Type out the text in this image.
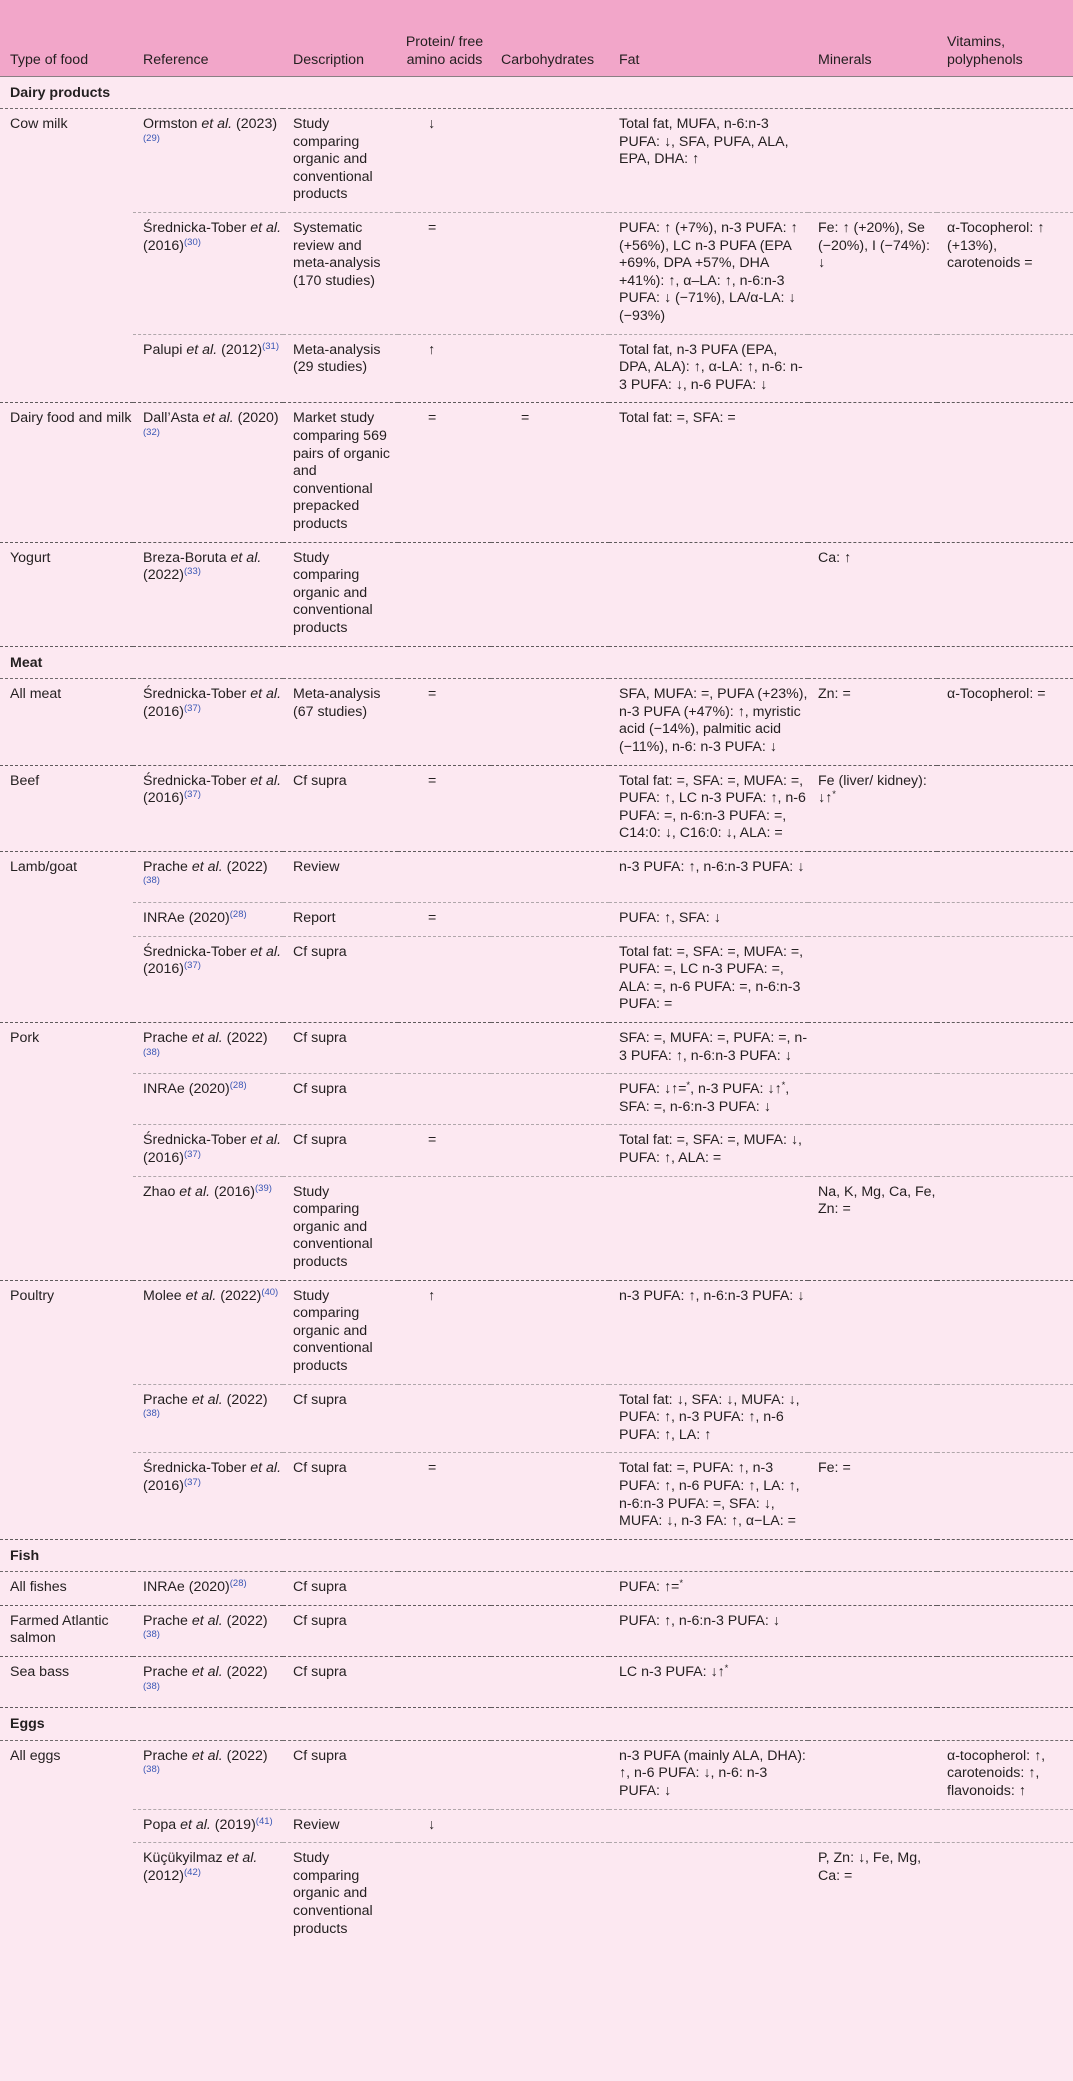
Type of food	Reference	Description	Protein/ free amino acids	Carbohydrates	Fat	Minerals	Vitamins, polyphenols
Dairy products							
Cow milk	Ormston et al. (2023)$^{(29)}$	Study comparing organic and conventional products	↓		Total fat, MUFA, n-6:n-3 PUFA: ↓, SFA, PUFA, ALA, EPA, DHA: ↑		
	Średnicka-Tober et al. (2016)$^{(30)}$	Systematic review and meta-analysis (170 studies)	=		PUFA: ↑ (+7%), n-3 PUFA: ↑ (+56%), LC n-3 PUFA (EPA +69%, DPA +57%, DHA +41%): ↑, α–LA: ↑, n-6:n-3 PUFA: ↓ (−71%), LA/α-LA: ↓ (−93%)	Fe: ↑ (+20%), Se (−20%), I (−74%): ↓	α-Tocopherol: ↑ (+13%), carotenoids =
	Palupi et al. (2012)$^{(31)}$	Meta-analysis (29 studies)	↑		Total fat, n-3 PUFA (EPA, DPA, ALA): ↑, α-LA: ↑, n-6: n-3 PUFA: ↓, n-6 PUFA: ↓		
Dairy food and milk	Dall’Asta et al. (2020)$^{(32)}$	Market study comparing 569 pairs of organic and conventional prepacked products	=	=	Total fat: =, SFA: =		
Yogurt	Breza-Boruta et al. (2022)$^{(33)}$	Study comparing organic and conventional products				Ca: ↑	
Meat							
All meat	Średnicka-Tober et al. (2016)$^{(37)}$	Meta-analysis (67 studies)	=		SFA, MUFA: =, PUFA (+23%), n-3 PUFA (+47%): ↑, myristic acid (−14%), palmitic acid (−11%), n-6: n-3 PUFA: ↓	Zn: =	α-Tocopherol: =
Beef	Średnicka-Tober et al. (2016)$^{(37)}$	Cf supra	=		Total fat: =, SFA: =, MUFA: =, PUFA: ↑, LC n-3 PUFA: ↑, n-6 PUFA: =, n-6:n-3 PUFA: =, C14:0: ↓, C16:0: ↓, ALA: =	Fe (liver/ kidney): ↓↑*	
Lamb/goat	Prache et al. (2022)$^{(38)}$	Review			n-3 PUFA: ↑, n-6:n-3 PUFA: ↓		
	INRAe (2020)$^{(28)}$	Report	=		PUFA: ↑, SFA: ↓		
	Średnicka-Tober et al. (2016)$^{(37)}$	Cf supra			Total fat: =, SFA: =, MUFA: =, PUFA: =, LC n-3 PUFA: =, ALA: =, n-6 PUFA: =, n-6:n-3 PUFA: =		
Pork	Prache et al. (2022)$^{(38)}$	Cf supra			SFA: =, MUFA: =, PUFA: =, n-3 PUFA: ↑, n-6:n-3 PUFA: ↓		
	INRAe (2020)$^{(28)}$	Cf supra			PUFA: ↓↑=*, n-3 PUFA: ↓↑*, SFA: =, n-6:n-3 PUFA: ↓		
	Średnicka-Tober et al. (2016)$^{(37)}$	Cf supra	=		Total fat: =, SFA: =, MUFA: ↓, PUFA: ↑, ALA: =		
	Zhao et al. (2016)$^{(39)}$	Study comparing organic and conventional products				Na, K, Mg, Ca, Fe, Zn: =	
Poultry	Molee et al. (2022)$^{(40)}$	Study comparing organic and conventional products	↑		n-3 PUFA: ↑, n-6:n-3 PUFA: ↓		
	Prache et al. (2022)$^{(38)}$	Cf supra			Total fat: ↓, SFA: ↓, MUFA: ↓, PUFA: ↑, n-3 PUFA: ↑, n-6 PUFA: ↑, LA: ↑		
	Średnicka-Tober et al. (2016)$^{(37)}$	Cf supra	=		Total fat: =, PUFA: ↑, n-3 PUFA: ↑, n-6 PUFA: ↑, LA: ↑, n-6:n-3 PUFA: =, SFA: ↓, MUFA: ↓, n-3 FA: ↑, α−LA: =	Fe: =	
Fish							
All fishes	INRAe (2020)$^{(28)}$	Cf supra			PUFA: ↑=*		
Farmed Atlantic salmon	Prache et al. (2022)$^{(38)}$	Cf supra			PUFA: ↑, n-6:n-3 PUFA: ↓		
Sea bass	Prache et al. (2022)$^{(38)}$	Cf supra			LC n-3 PUFA: ↓↑*		
Eggs							
All eggs	Prache et al. (2022)$^{(38)}$	Cf supra			n-3 PUFA (mainly ALA, DHA): ↑, n-6 PUFA: ↓, n-6: n-3 PUFA: ↓		α-tocopherol: ↑, carotenoids: ↑, flavonoids: ↑
	Popa et al. (2019)$^{(41)}$	Review	↓				
	Küçükyilmaz et al. (2012)$^{(42)}$	Study comparing organic and conventional products				P, Zn: ↓, Fe, Mg, Ca: =	
